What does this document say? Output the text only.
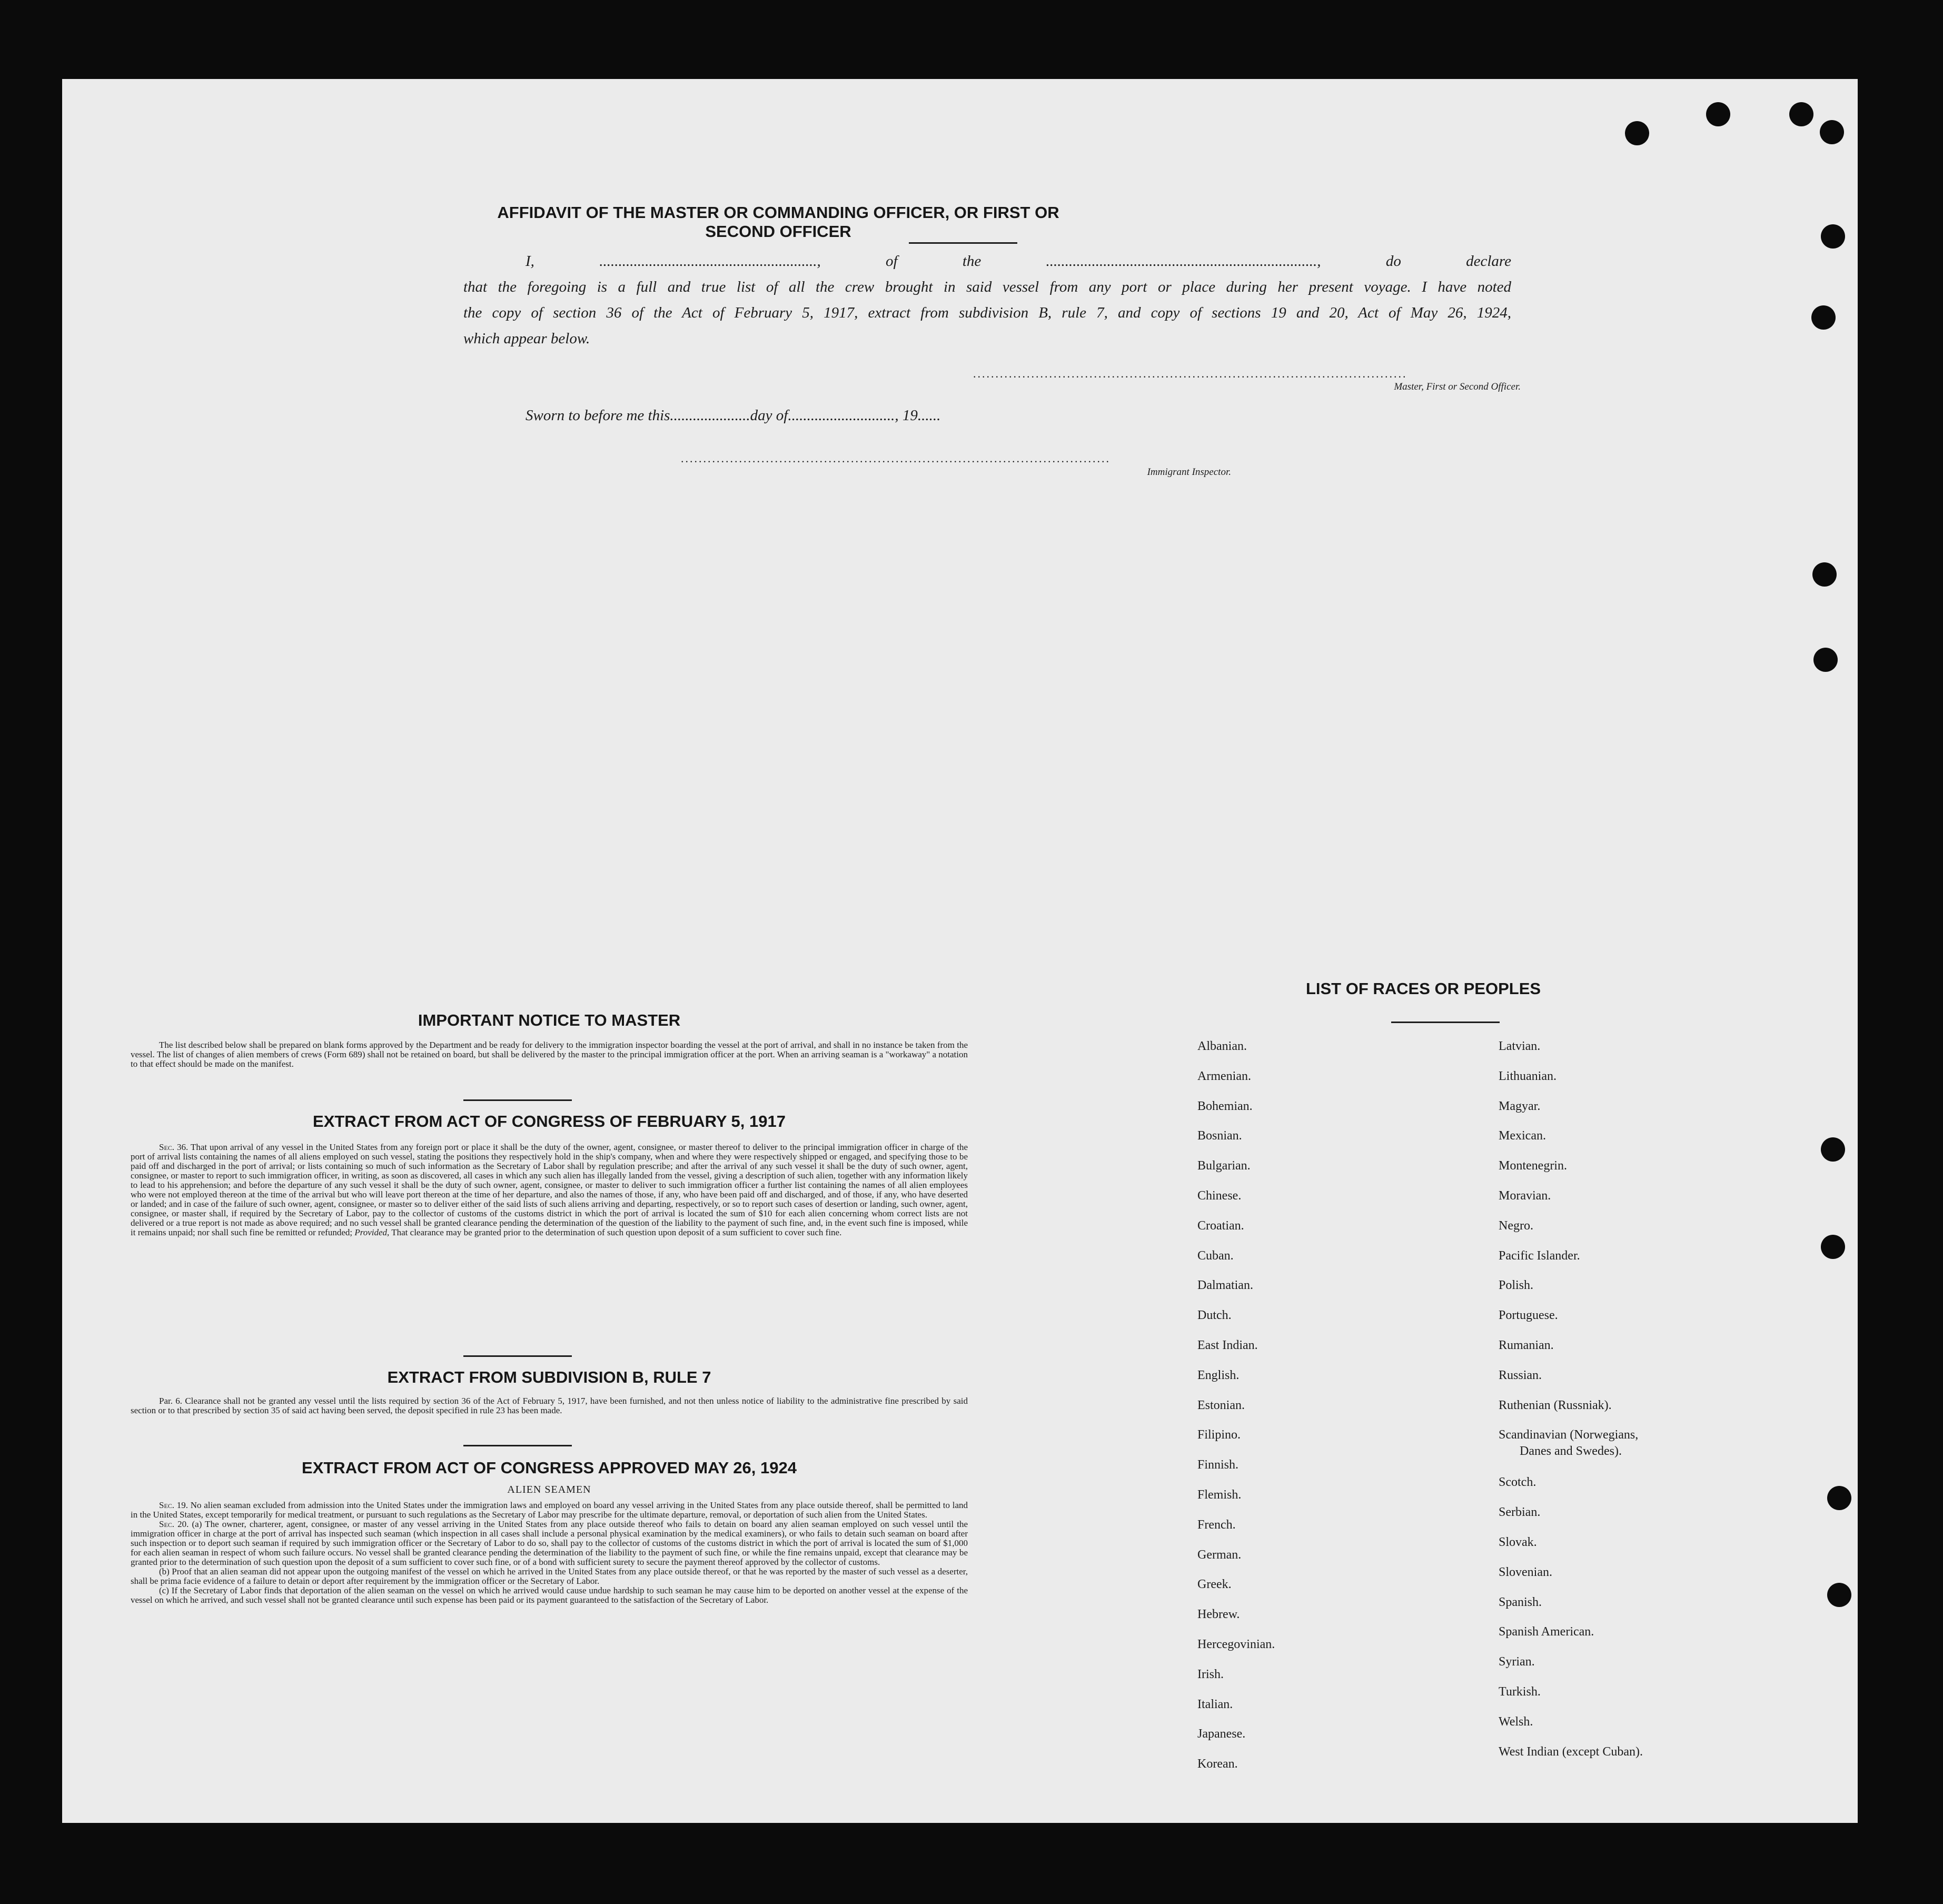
AFFIDAVIT OF THE MASTER OR COMMANDING OFFICER, OR FIRST OR SECOND OFFICER
I, ........................................................., of the ......................................................................., do declare
that the foregoing is a full and true list of all the crew brought in said vessel from any port or place during her present voyage. I have noted
the copy of section 36 of the Act of February 5, 1917, extract from subdivision B, rule 7, and copy of sections 19 and 20, Act of May 26, 1924,
which appear below.
.................................................................................................
Master, First or Second Officer.
Sworn to before me this.....................day of............................, 19......
................................................................................................
Immigrant Inspector.
IMPORTANT NOTICE TO MASTER

The list described below shall be prepared on blank forms approved by the Department and be ready for delivery to the immigration inspector boarding the vessel at the port of arrival, and shall in no instance be taken from the vessel. The list of changes of alien members of crews (Form 689) shall not be retained on board, but shall be delivered by the master to the principal immigration officer at the port. When an arriving seaman is a "workaway" a notation to that effect should be made on the manifest.

EXTRACT FROM ACT OF CONGRESS OF FEBRUARY 5, 1917

Sec. 36. That upon arrival of any vessel in the United States from any foreign port or place it shall be the duty of the owner, agent, consignee, or master thereof to deliver to the principal immigration officer in charge of the port of arrival lists containing the names of all aliens employed on such vessel, stating the positions they respectively hold in the ship's company, when and where they were respectively shipped or engaged, and specifying those to be paid off and discharged in the port of arrival; or lists containing so much of such information as the Secretary of Labor shall by regulation prescribe; and after the arrival of any such vessel it shall be the duty of such owner, agent, consignee, or master to report to such immigration officer, in writing, as soon as discovered, all cases in which any such alien has illegally landed from the vessel, giving a description of such alien, together with any information likely to lead to his apprehension; and before the departure of any such vessel it shall be the duty of such owner, agent, consignee, or master to deliver to such immigration officer a further list containing the names of all alien employees who were not employed thereon at the time of the arrival but who will leave port thereon at the time of her departure, and also the names of those, if any, who have been paid off and discharged, and of those, if any, who have deserted or landed; and in case of the failure of such owner, agent, consignee, or master so to deliver either of the said lists of such aliens arriving and departing, respectively, or so to report such cases of desertion or landing, such owner, agent, consignee, or master shall, if required by the Secretary of Labor, pay to the collector of customs of the customs district in which the port of arrival is located the sum of $10 for each alien concerning whom correct lists are not delivered or a true report is not made as above required; and no such vessel shall be granted clearance pending the determination of the question of the liability to the payment of such fine, and, in the event such fine is imposed, while it remains unpaid; nor shall such fine be remitted or refunded; Provided, That clearance may be granted prior to the determination of such question upon deposit of a sum sufficient to cover such fine.

EXTRACT FROM SUBDIVISION B, RULE 7

Par. 6. Clearance shall not be granted any vessel until the lists required by section 36 of the Act of February 5, 1917, have been furnished, and not then unless notice of liability to the administrative fine prescribed by said section or to that prescribed by section 35 of said act having been served, the deposit specified in rule 23 has been made.

EXTRACT FROM ACT OF CONGRESS APPROVED MAY 26, 1924
ALIEN SEAMEN

Sec. 19. No alien seaman excluded from admission into the United States under the immigration laws and employed on board any vessel arriving in the United States from any place outside thereof, shall be permitted to land in the United States, except temporarily for medical treatment, or pursuant to such regulations as the Secretary of Labor may prescribe for the ultimate departure, removal, or deportation of such alien from the United States.

Sec. 20. (a) The owner, charterer, agent, consignee, or master of any vessel arriving in the United States from any place outside thereof who fails to detain on board any alien seaman employed on such vessel until the immigration officer in charge at the port of arrival has inspected such seaman (which inspection in all cases shall include a personal physical examination by the medical examiners), or who fails to detain such seaman on board after such inspection or to deport such seaman if required by such immigration officer or the Secretary of Labor to do so, shall pay to the collector of customs of the customs district in which the port of arrival is located the sum of $1,000 for each alien seaman in respect of whom such failure occurs. No vessel shall be granted clearance pending the determination of the liability to the payment of such fine, or while the fine remains unpaid, except that clearance may be granted prior to the determination of such question upon the deposit of a sum sufficient to cover such fine, or of a bond with sufficient surety to secure the payment thereof approved by the collector of customs.

(b) Proof that an alien seaman did not appear upon the outgoing manifest of the vessel on which he arrived in the United States from any place outside thereof, or that he was reported by the master of such vessel as a deserter, shall be prima facie evidence of a failure to detain or deport after requirement by the immigration officer or the Secretary of Labor.

(c) If the Secretary of Labor finds that deportation of the alien seaman on the vessel on which he arrived would cause undue hardship to such seaman he may cause him to be deported on another vessel at the expense of the vessel on which he arrived, and such vessel shall not be granted clearance until such expense has been paid or its payment guaranteed to the satisfaction of the Secretary of Labor.

LIST OF RACES OR PEOPLES
Albanian.
Armenian.
Bohemian.
Bosnian.
Bulgarian.
Chinese.
Croatian.
Cuban.
Dalmatian.
Dutch.
East Indian.
English.
Estonian.
Filipino.
Finnish.
Flemish.
French.
German.
Greek.
Hebrew.
Hercegovinian.
Irish.
Italian.
Japanese.
Korean.
Latvian.
Lithuanian.
Magyar.
Mexican.
Montenegrin.
Moravian.
Negro.
Pacific Islander.
Polish.
Portuguese.
Rumanian.
Russian.
Ruthenian (Russniak).
Scandinavian (Norwegians,
Danes and Swedes).
Scotch.
Serbian.
Slovak.
Slovenian.
Spanish.
Spanish American.
Syrian.
Turkish.
Welsh.
West Indian (except Cuban).
